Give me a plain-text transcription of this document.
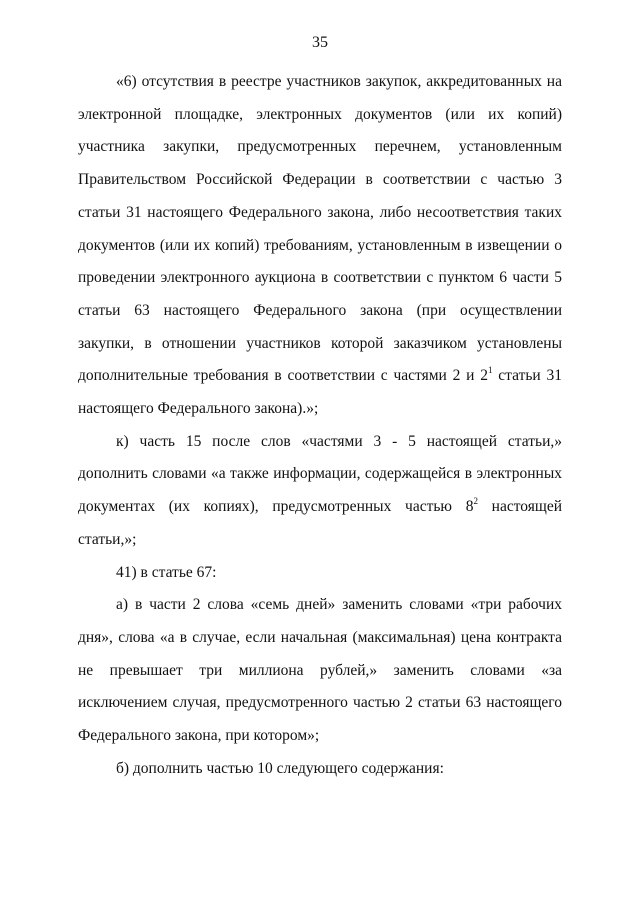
35

«6) отсутствия в реестре участников закупок, аккредитованных на электронной площадке, электронных документов (или их копий) участника закупки, предусмотренных перечнем, установленным Правительством Российской Федерации в соответствии с частью 3 статьи 31 настоящего Федерального закона, либо несоответствия таких документов (или их копий) требованиям, установленным в извещении о проведении электронного аукциона в соответствии с пунктом 6 части 5 статьи 63 настоящего Федерального закона (при осуществлении закупки, в отношении участников которой заказчиком установлены дополнительные требования в соответствии с частями 2 и $2^1$ статьи 31 настоящего Федерального закона).»;

к) часть 15 после слов «частями 3 - 5 настоящей статьи,» дополнить словами «а также информации, содержащейся в электронных документах (их копиях), предусмотренных частью $8^2$ настоящей статьи,»;

41) в статье 67:

а) в части 2 слова «семь дней» заменить словами «три рабочих дня», слова «а в случае, если начальная (максимальная) цена контракта не превышает три миллиона рублей,» заменить словами «за исключением случая, предусмотренного частью 2 статьи 63 настоящего Федерального закона, при котором»;

б) дополнить частью 10 следующего содержания:
